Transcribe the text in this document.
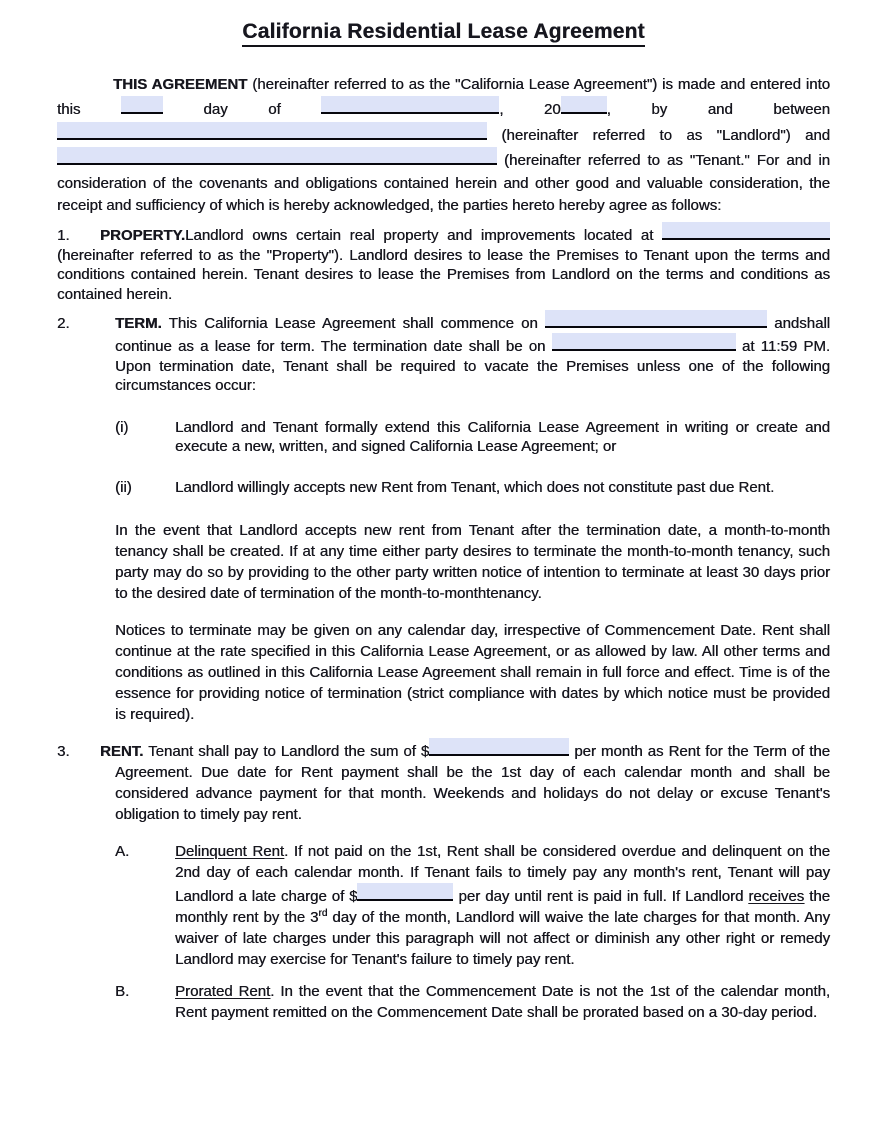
California Residential Lease Agreement

THIS AGREEMENT (hereinafter referred to as the "California Lease Agreement") is made and entered into this	day of	, 20	, by and between  (hereinafter referred to as "Landlord") and  (hereinafter referred to as "Tenant." For and in consideration of the covenants and obligations contained herein and other good and valuable consideration, the receipt and sufficiency of which is hereby acknowledged, the parties hereto hereby agree as follows:

1. PROPERTY.Landlord owns certain real property and improvements located at  (hereinafter referred to as the "Property"). Landlord desires to lease the Premises to Tenant upon the terms and conditions contained herein. Tenant desires to lease the Premises from Landlord on the terms and conditions as contained herein.

2.	TERM. This California Lease Agreement shall commence on	andshall continue as a lease for term. The termination date shall be on	at 11:59 PM. Upon termination date, Tenant shall be required to vacate the Premises unless one of the following circumstances occur:

(i)	Landlord and Tenant formally extend this California Lease Agreement in writing or create and execute a new, written, and signed California Lease Agreement; or

(ii)	Landlord willingly accepts new Rent from Tenant, which does not constitute past due Rent.

In the event that Landlord accepts new rent from Tenant after the termination date, a month-to-month tenancy shall be created. If at any time either party desires to terminate the month-to-month tenancy, such party may do so by providing to the other party written notice of intention to terminate at least 30 days prior to the desired date of termination of the month-to-monthtenancy.

Notices to terminate may be given on any calendar day, irrespective of Commencement Date. Rent shall continue at the rate specified in this California Lease Agreement, or as allowed by law. All other terms and conditions as outlined in this California Lease Agreement shall remain in full force and effect. Time is of the essence for providing notice of termination (strict compliance with dates by which notice must be provided is required).

3. RENT. Tenant shall pay to Landlord the sum of $	per month as Rent for the Term of the Agreement. Due date for Rent payment shall be the 1st day of each calendar month and shall be considered advance payment for that month. Weekends and holidays do not delay or excuse Tenant's obligation to timely pay rent.

A.	Delinquent Rent. If not paid on the 1st, Rent shall be considered overdue and delinquent on the 2nd day of each calendar month. If Tenant fails to timely pay any month's rent, Tenant will pay Landlord a late charge of $	per day until rent is paid in full. If Landlord receives the monthly rent by the 3rd day of the month, Landlord will waive the late charges for that month. Any waiver of late charges under this paragraph will not affect or diminish any other right or remedy Landlord may exercise for Tenant's failure to timely pay rent.

B.	Prorated Rent. In the event that the Commencement Date is not the 1st of the calendar month, Rent payment remitted on the Commencement Date shall be prorated based on a 30-day period.
